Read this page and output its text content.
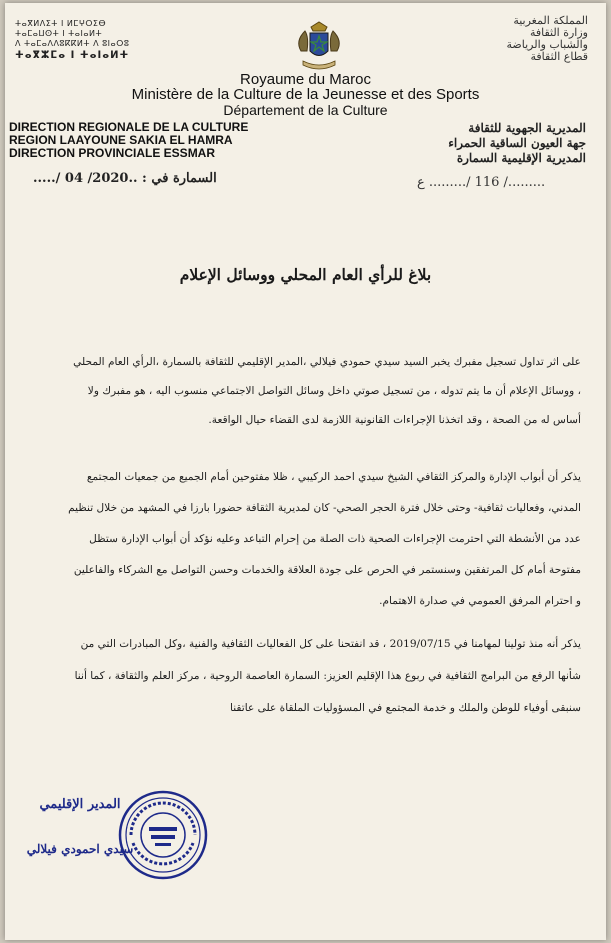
ⵜⴰⴳⵍⴷⵉⵜ ⵏ ⵍⵎⵖⵔⵉⴱ
ⵜⴰⵎⴰⵡⵙⵜ ⵏ ⵜⴰⵏⴰⵍⵜ
ⴷ ⵜⴰⵎⴰⴷⴷⵓⴽⴽⵍⵜ ⴷ ⵓⵏⴰⵔⵓ
ⵜⴰⴳⵣⵎⴰ ⵏ ⵜⴰⵏⴰⵍⵜ
المملكة المغربية
وزارة الثقافة
والشباب والرياضة
قطاع الثقافة
Royaume du Maroc
Ministère de la Culture de la Jeunesse et des Sports
Département de la Culture
DIRECTION REGIONALE DE LA CULTURE
REGION LAAYOUNE SAKIA EL HAMRA
DIRECTION PROVINCIALE ESSMAR
المديرية الجهوية للثقافة
جهة العيون الساقية الحمراء
المديرية الإقليمية السمارة
السمارة في : ..2020/ 04 /.....	........./ 116 /......... ع
بلاغ للرأي العام المحلي ووسائل الإعلام
على اثر تداول تسجيل مفبرك يخبر السيد سيدي حمودي فيلالي ،المدير الإقليمي للثقافة بالسمارة ،الرأي العام المحلي
، ووسائل الإعلام أن ما يتم تدوله ، من تسجيل صوتي داخل وسائل التواصل الاجتماعي منسوب اليه ، هو مفبرك ولا
أساس له من الصحة ، وقد اتخذنا الإجراءات القانونية اللازمة لدى القضاء حيال الواقعة.
يذكر أن أبواب الإدارة والمركز الثقافي الشيخ سيدي احمد الركيبي ، ظلا مفتوحين أمام الجميع من جمعيات المجتمع
المدني، وفعاليات ثقافية- وحتى خلال فترة الحجر الصحي- كان لمديرية الثقافة حضورا بارزا في المشهد من خلال تنظيم
عدد من الأنشطة التي احترمت الإجراءات الصحية ذات الصلة من إحرام التباعد وعليه نؤكد أن أبواب الإدارة ستظل
مفتوحة أمام كل المرتفقين وسنستمر في الحرص على جودة العلاقة والخدمات وحسن التواصل مع الشركاء والفاعلين
و احترام المرفق العمومي في صدارة الاهتمام.
يذكر أنه منذ تولينا لمهامنا في 2019/07/15 ، قد انفتحنا على كل الفعاليات الثقافية والفنية ،وكل المبادرات التي من
شأنها الرفع من البرامج الثقافية في ربوع هذا الإقليم العزيز: السمارة العاصمة الروحية ، مركز العلم والثقافة ، كما أننا
سنبقى أوفياء للوطن والملك و خدمة المجتمع في المسؤوليات الملقاة على عاتقنا
المدير الإقليمي
سيدي احمودي فيلالي
